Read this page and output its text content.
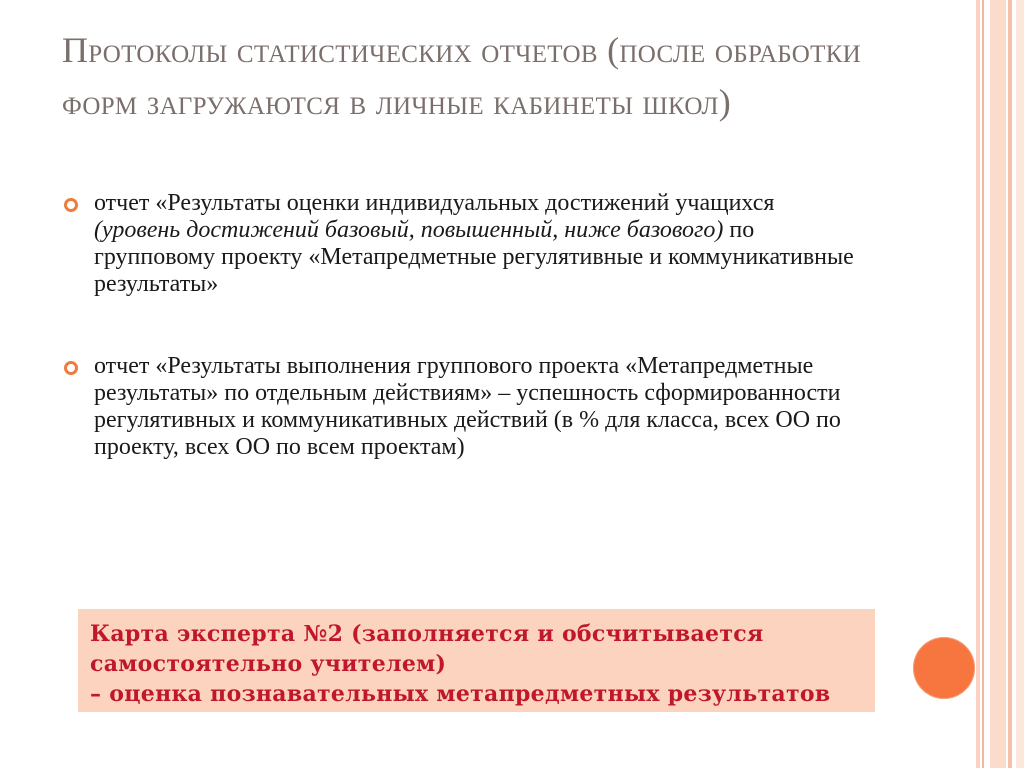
Протоколы статистических отчетов (после обработки форм загружаются в личные кабинеты школ)
отчет «Результаты оценки индивидуальных достижений учащихся (уровень достижений базовый, повышенный, ниже базового) по групповому проекту «Метапредметные регулятивные и коммуникативные результаты»
отчет «Результаты выполнения группового проекта «Метапредметные результаты» по отдельным действиям» – успешность сформированности регулятивных и коммуникативных действий (в % для класса, всех ОО по проекту, всех ОО по всем проектам)
Карта эксперта №2 (заполняется и обсчитывается
самостоятельно учителем)
– оценка познавательных метапредметных результатов
